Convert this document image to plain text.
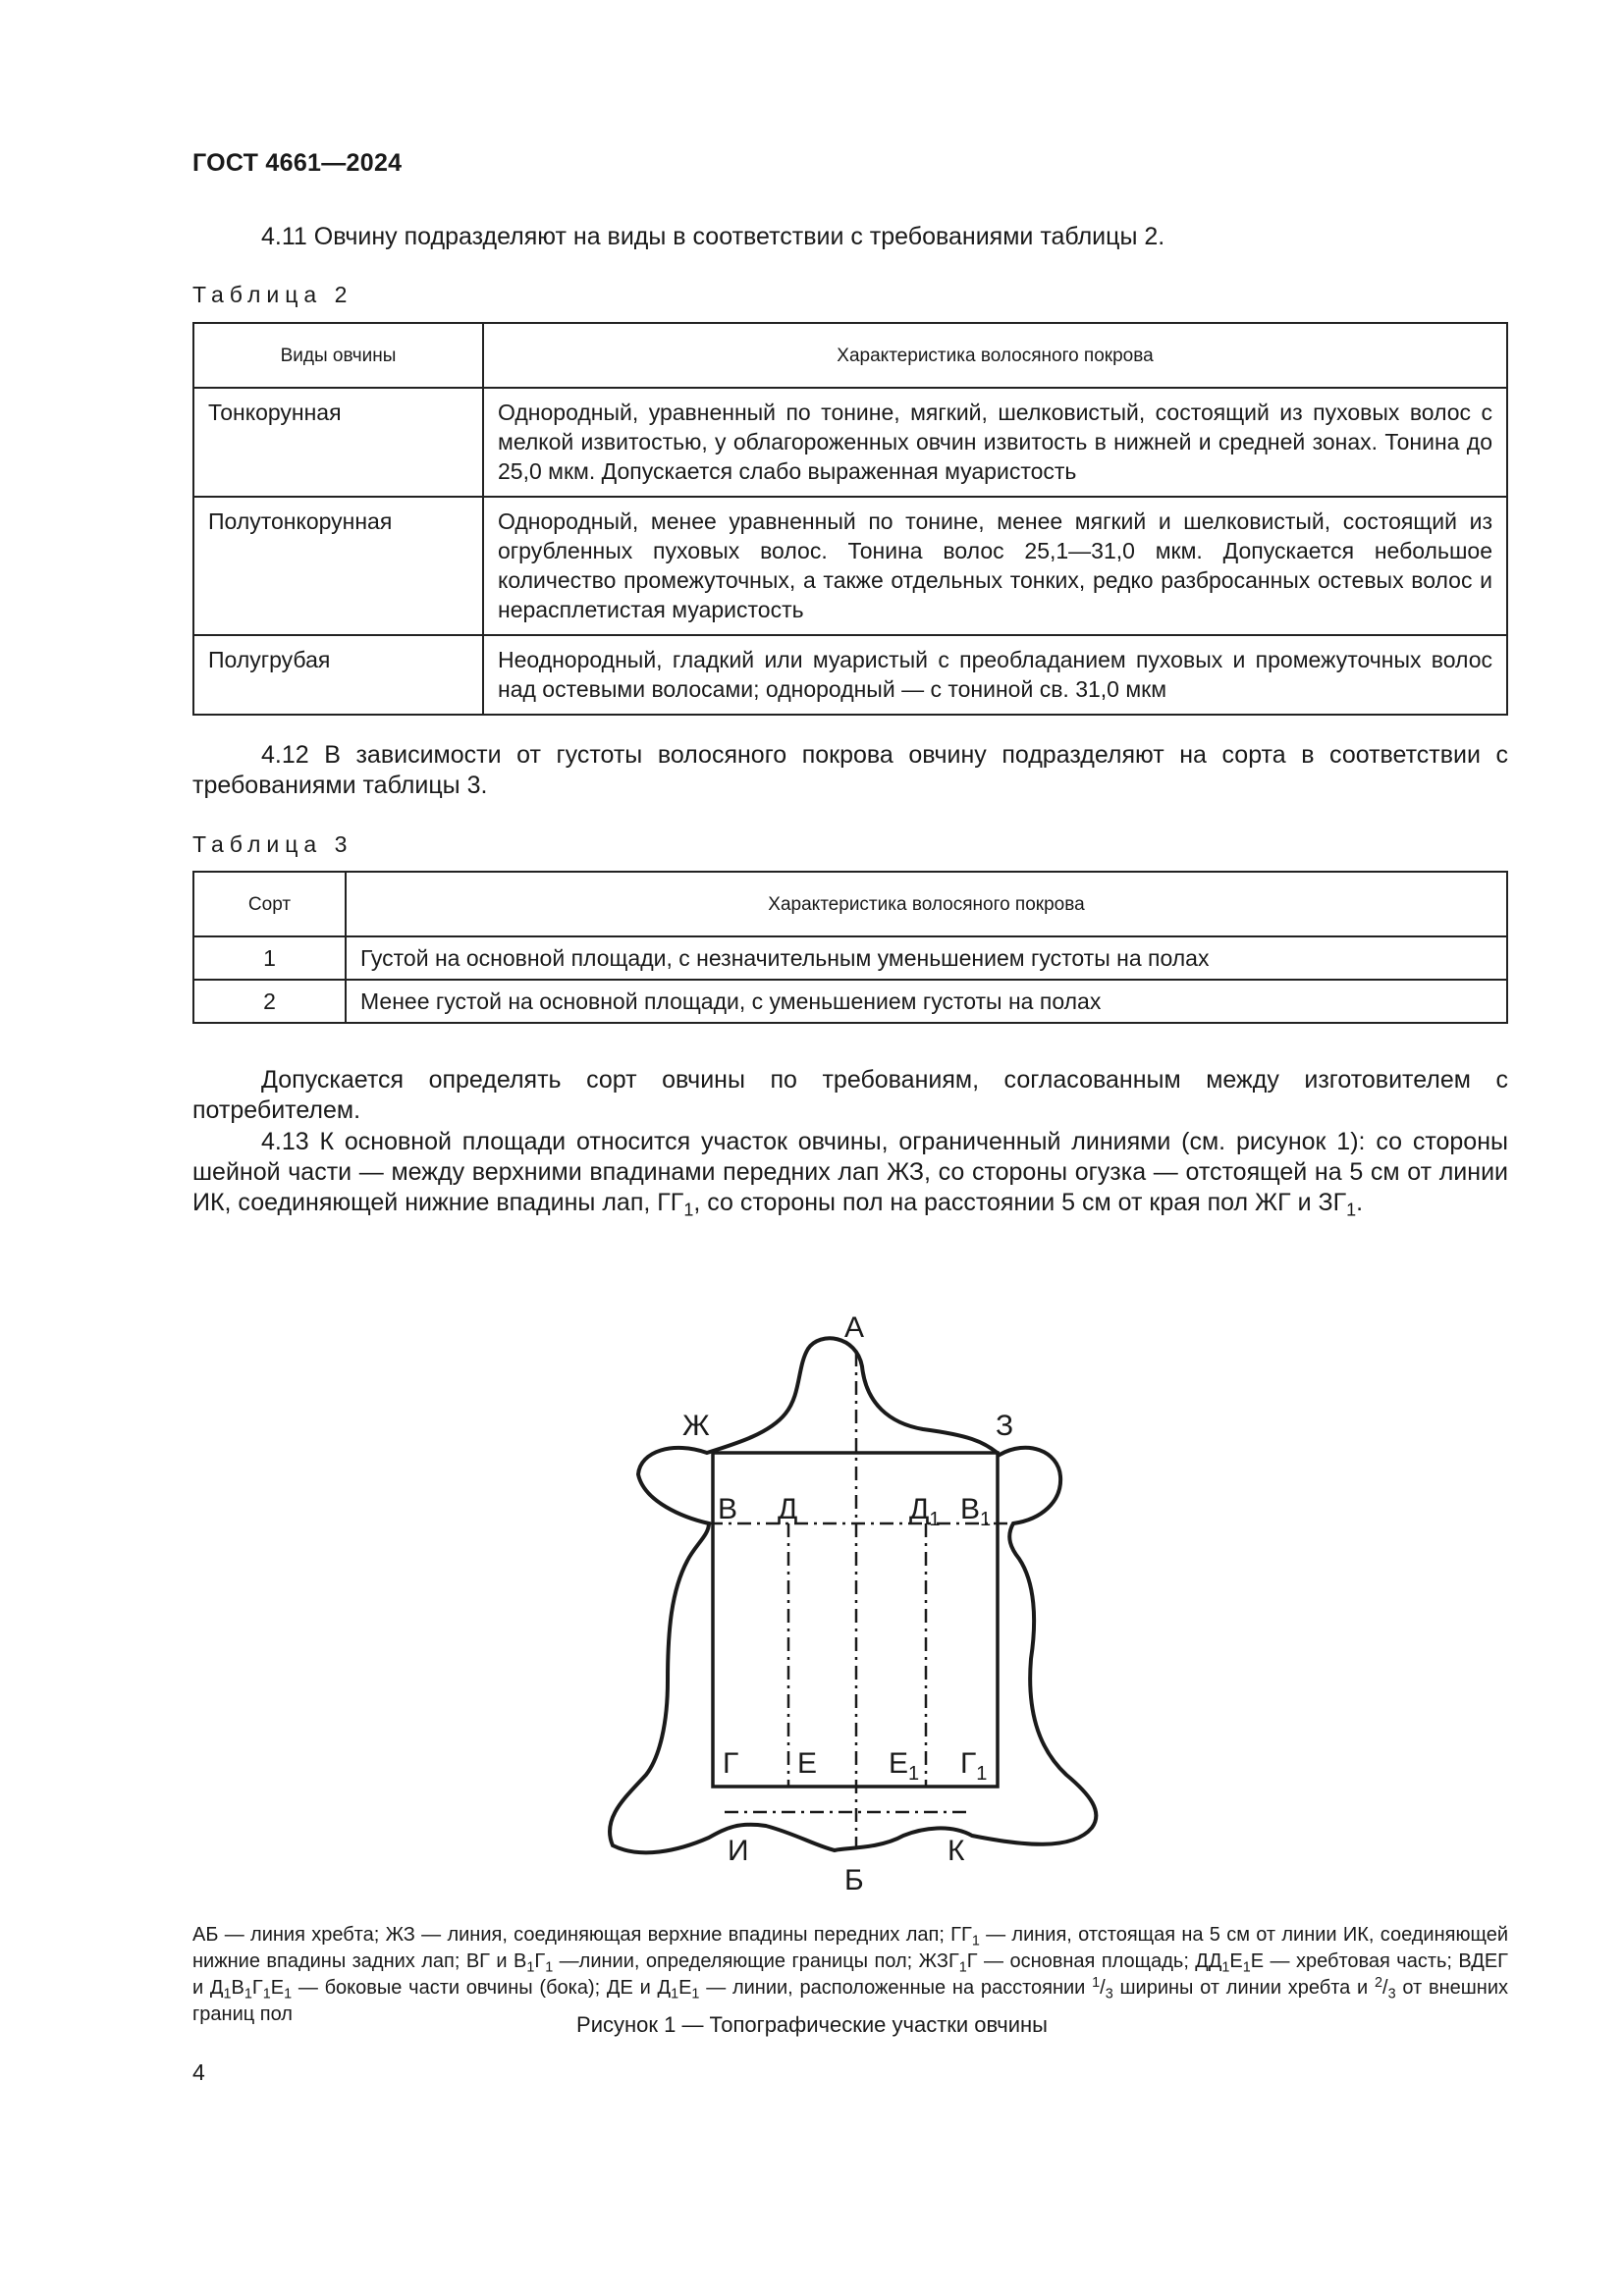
ГОСТ 4661—2024
4.11 Овчину подразделяют на виды в соответствии с требованиями таблицы 2.
Таблица 2
Виды овчины	Характеристика волосяного покрова
Тонкорунная	Однородный, уравненный по тонине, мягкий, шелковистый, состоящий из пуховых волос с мелкой извитостью, у облагороженных овчин извитость в нижней и средней зонах. Тонина до 25,0 мкм. Допускается слабо выраженная муаристость
Полутонкорунная	Однородный, менее уравненный по тонине, менее мягкий и шелковистый, состоящий из огрубленных пуховых волос. Тонина волос 25,1—31,0 мкм. Допускается небольшое количество промежуточных, а также отдельных тонких, редко разбросанных остевых волос и нерасплетистая муаристость
Полугрубая	Неоднородный, гладкий или муаристый с преобладанием пуховых и промежуточных волос над остевыми волосами; однородный — с тониной св. 31,0 мкм
4.12 В зависимости от густоты волосяного покрова овчину подразделяют на сорта в соответствии с требованиями таблицы 3.
Таблица 3
Сорт	Характеристика волосяного покрова
1	Густой на основной площади, с незначительным уменьшением густоты на полах
2	Менее густой на основной площади, с уменьшением густоты на полах
Допускается определять сорт овчины по требованиям, согласованным между изготовителем с потребителем.
4.13 К основной площади относится участок овчины, ограниченный линиями (см. рисунок 1): со стороны шейной части — между верхними впадинами передних лап ЖЗ, со стороны огузка — отстоящей на 5 см от линии ИК, соединяющей нижние впадины лап, $ГГ_1$, со стороны пол на расстоянии 5 см от края пол ЖГ и $ЗГ_1$.
А
Ж	З
В Д	$Д_1$ $В_1$
Г Е $Е_1$ $Г_1$
И	К
Б
АБ — линия хребта; ЖЗ — линия, соединяющая верхние впадины передних лап; $ГГ_1$ — линия, отстоящая на 5 см от линии ИК, соединяющей нижние впадины задних лап; ВГ и $В_1Г_1$ —линии, определяющие границы пол; $ЖЗГ_1Г$ — основная площадь; $ДД_1Е_1Е$ — хребтовая часть; ВДЕГ и $Д_1В_1Г_1Е_1$ — боковые части овчины (бока); ДЕ и $Д_1Е_1$ — линии, расположенные на расстоянии $^1/_3$ ширины от линии хребта и $^2/_3$ от внешних границ пол	Рисунок 1 — Топографические участки овчины
4
